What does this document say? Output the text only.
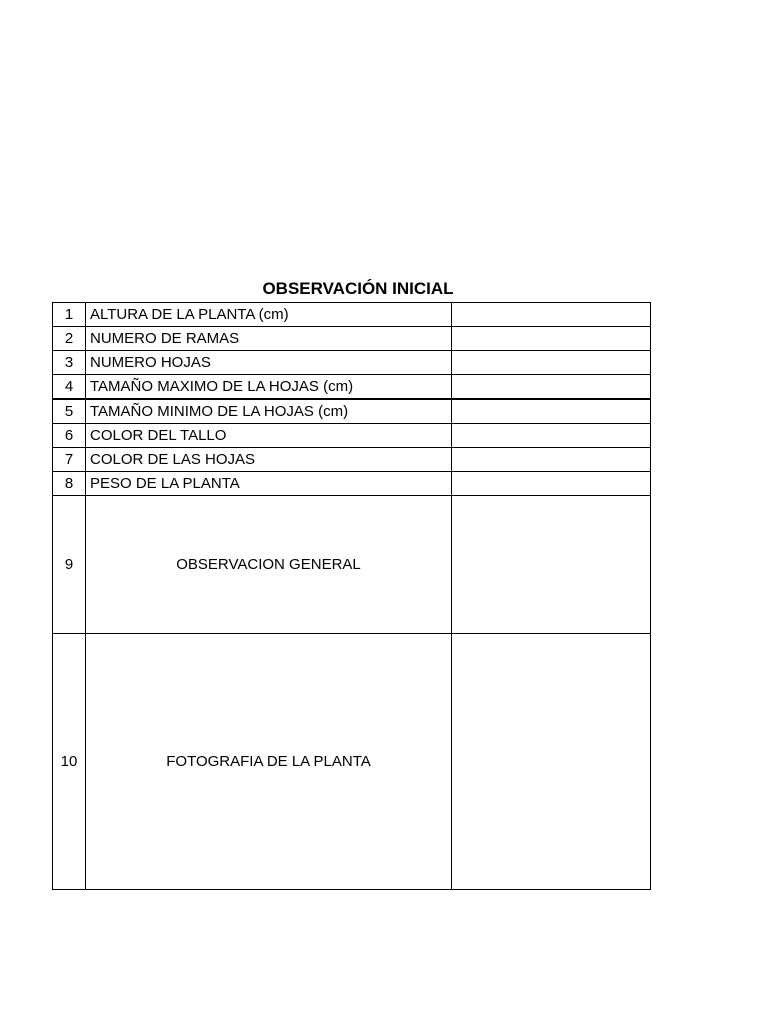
OBSERVACIÓN INICIAL
1	ALTURA DE LA PLANTA (cm)	
2	NUMERO DE RAMAS	
3	NUMERO HOJAS	
4	TAMAÑO MAXIMO DE LA HOJAS (cm)	
5	TAMAÑO MINIMO DE LA HOJAS (cm)	
6	COLOR DEL TALLO	
7	COLOR DE LAS HOJAS	
8	PESO DE LA PLANTA	
9	OBSERVACION GENERAL	
10	FOTOGRAFIA DE LA PLANTA	
